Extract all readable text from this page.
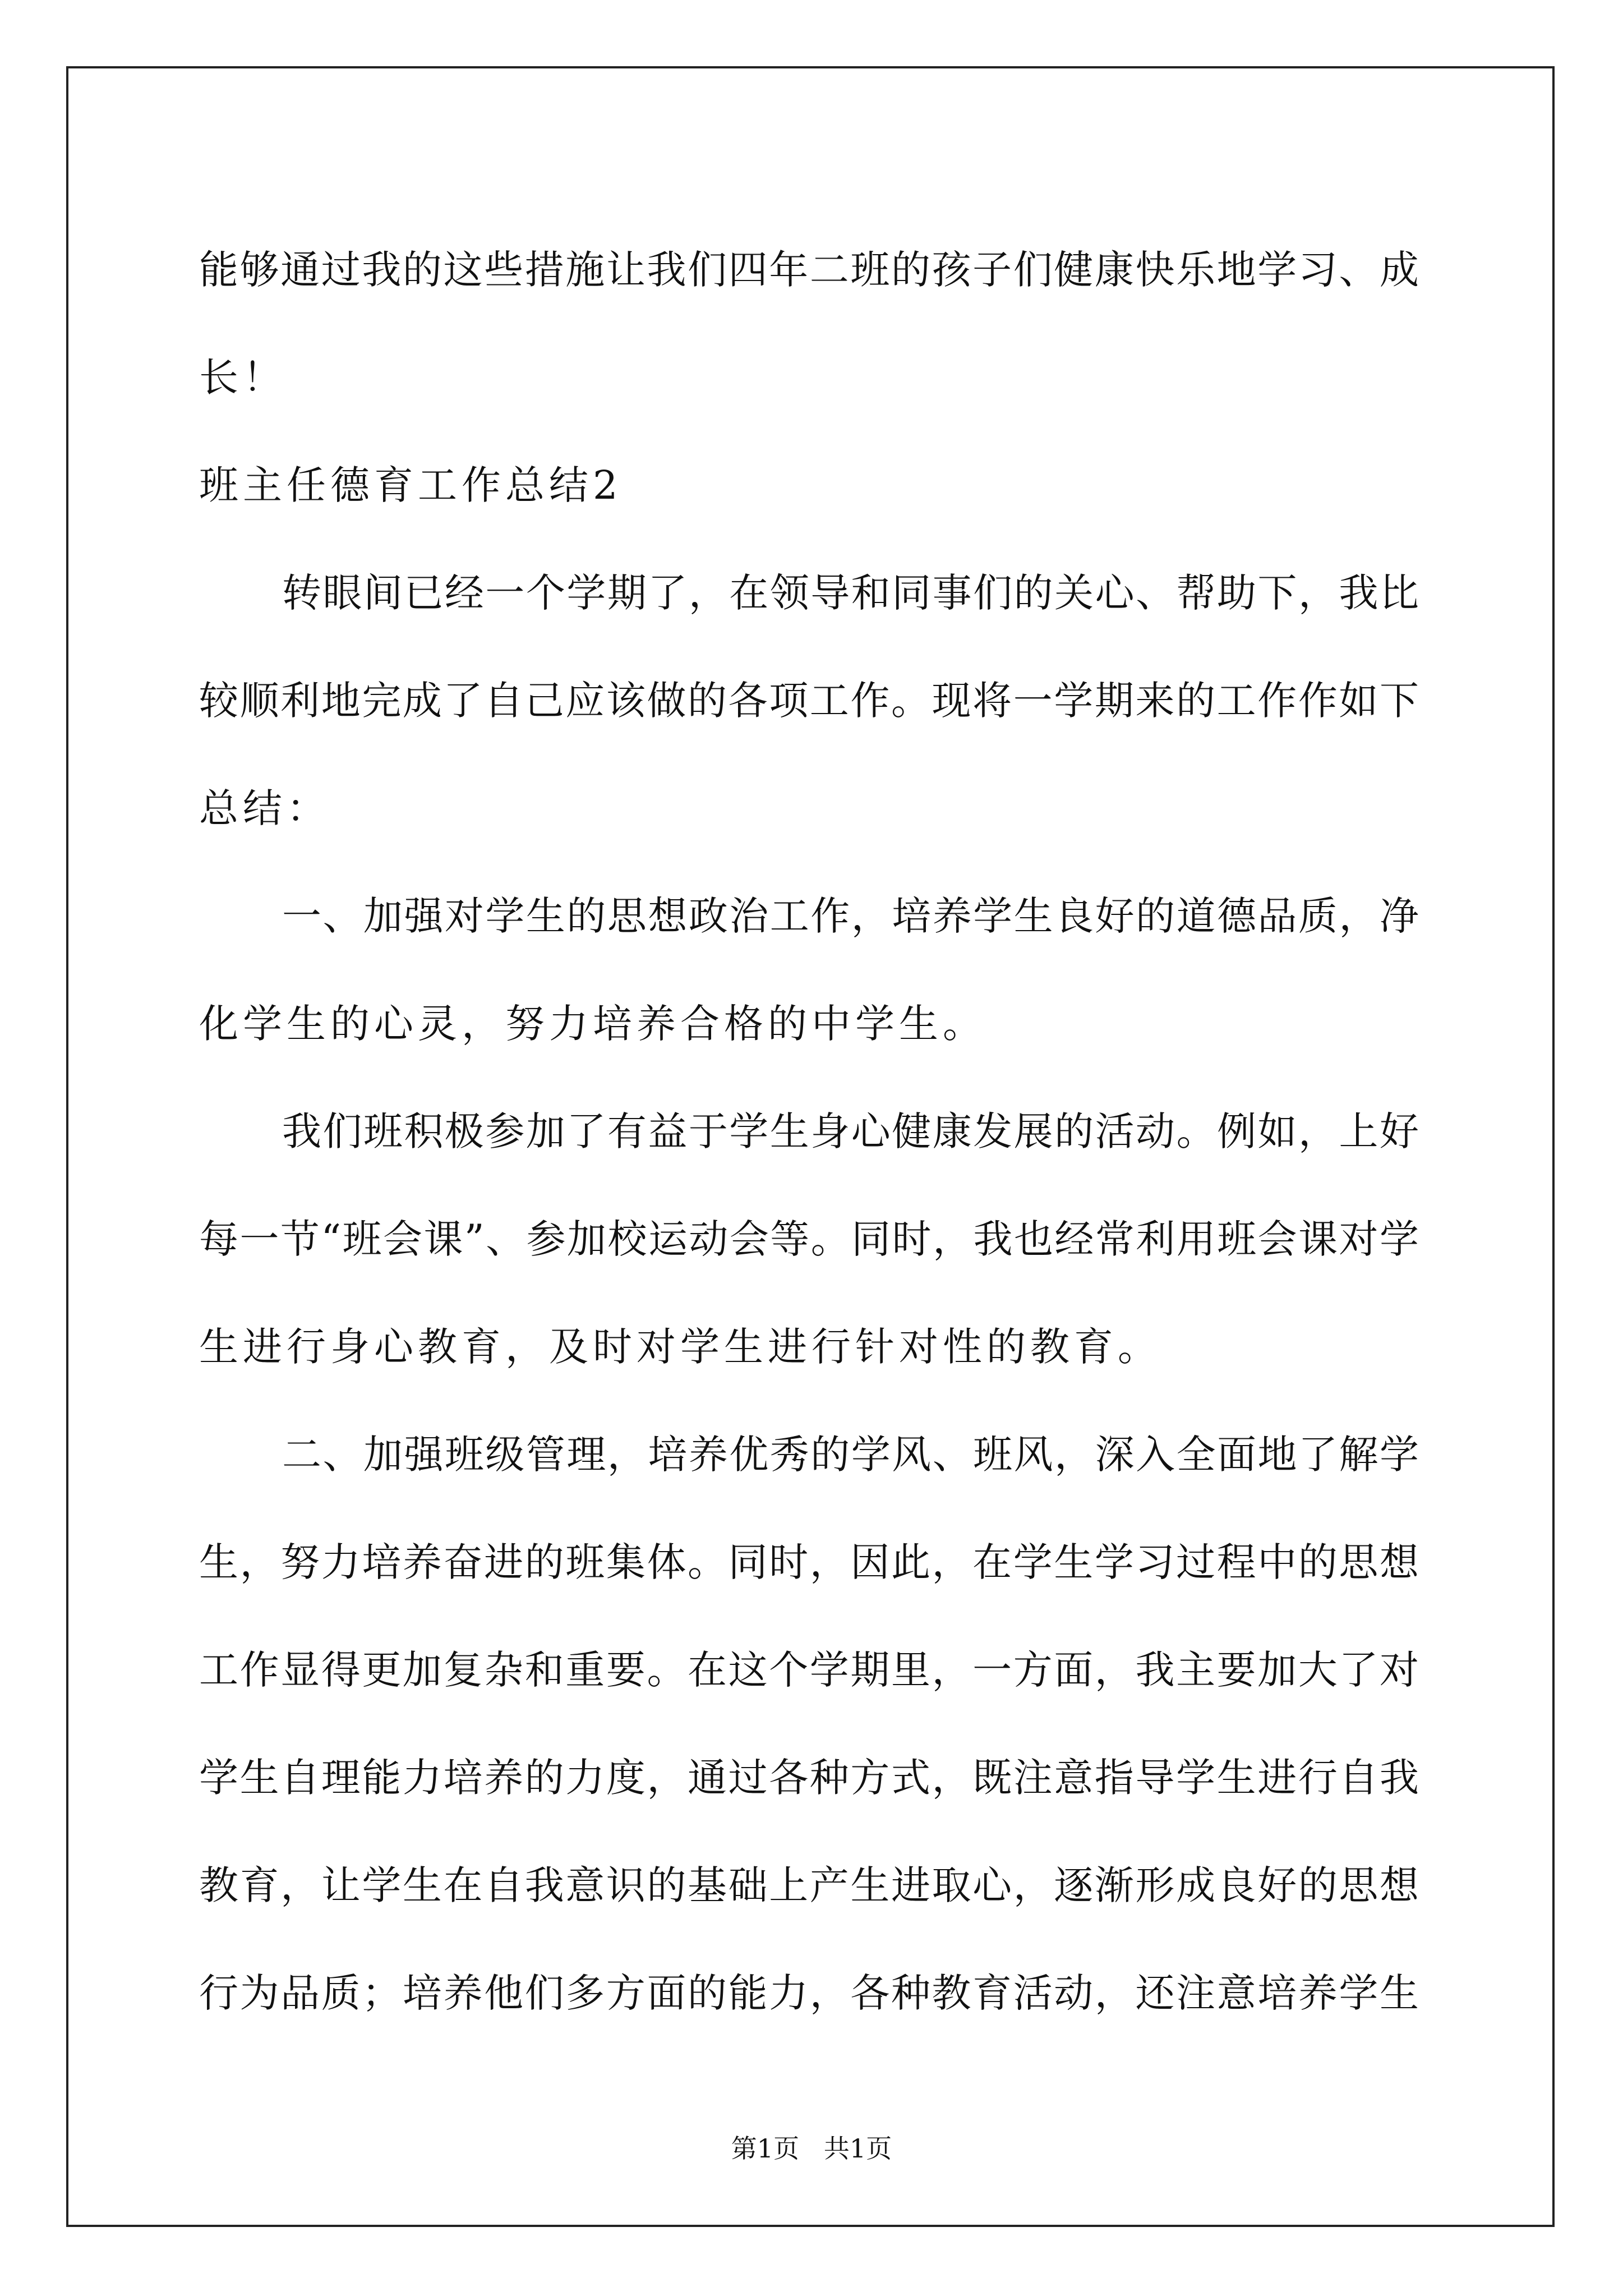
能够通过我的这些措施让我们四年二班的孩子们健康快乐地学习、成
长！
班主任德育工作总结2
转眼间已经一个学期了，在领导和同事们的关心、帮助下，我比
较顺利地完成了自己应该做的各项工作。现将一学期来的工作作如下
总结：
一、加强对学生的思想政治工作，培养学生良好的道德品质，净
化学生的心灵，努力培养合格的中学生。
我们班积极参加了有益于学生身心健康发展的活动。例如，上好
每一节“班会课”、参加校运动会等。同时，我也经常利用班会课对学
生进行身心教育，及时对学生进行针对性的教育。
二、加强班级管理，培养优秀的学风、班风，深入全面地了解学
生，努力培养奋进的班集体。同时，因此，在学生学习过程中的思想
工作显得更加复杂和重要。在这个学期里，一方面，我主要加大了对
学生自理能力培养的力度，通过各种方式，既注意指导学生进行自我
教育，让学生在自我意识的基础上产生进取心，逐渐形成良好的思想
行为品质；培养他们多方面的能力，各种教育活动，还注意培养学生
第1页   共1页
